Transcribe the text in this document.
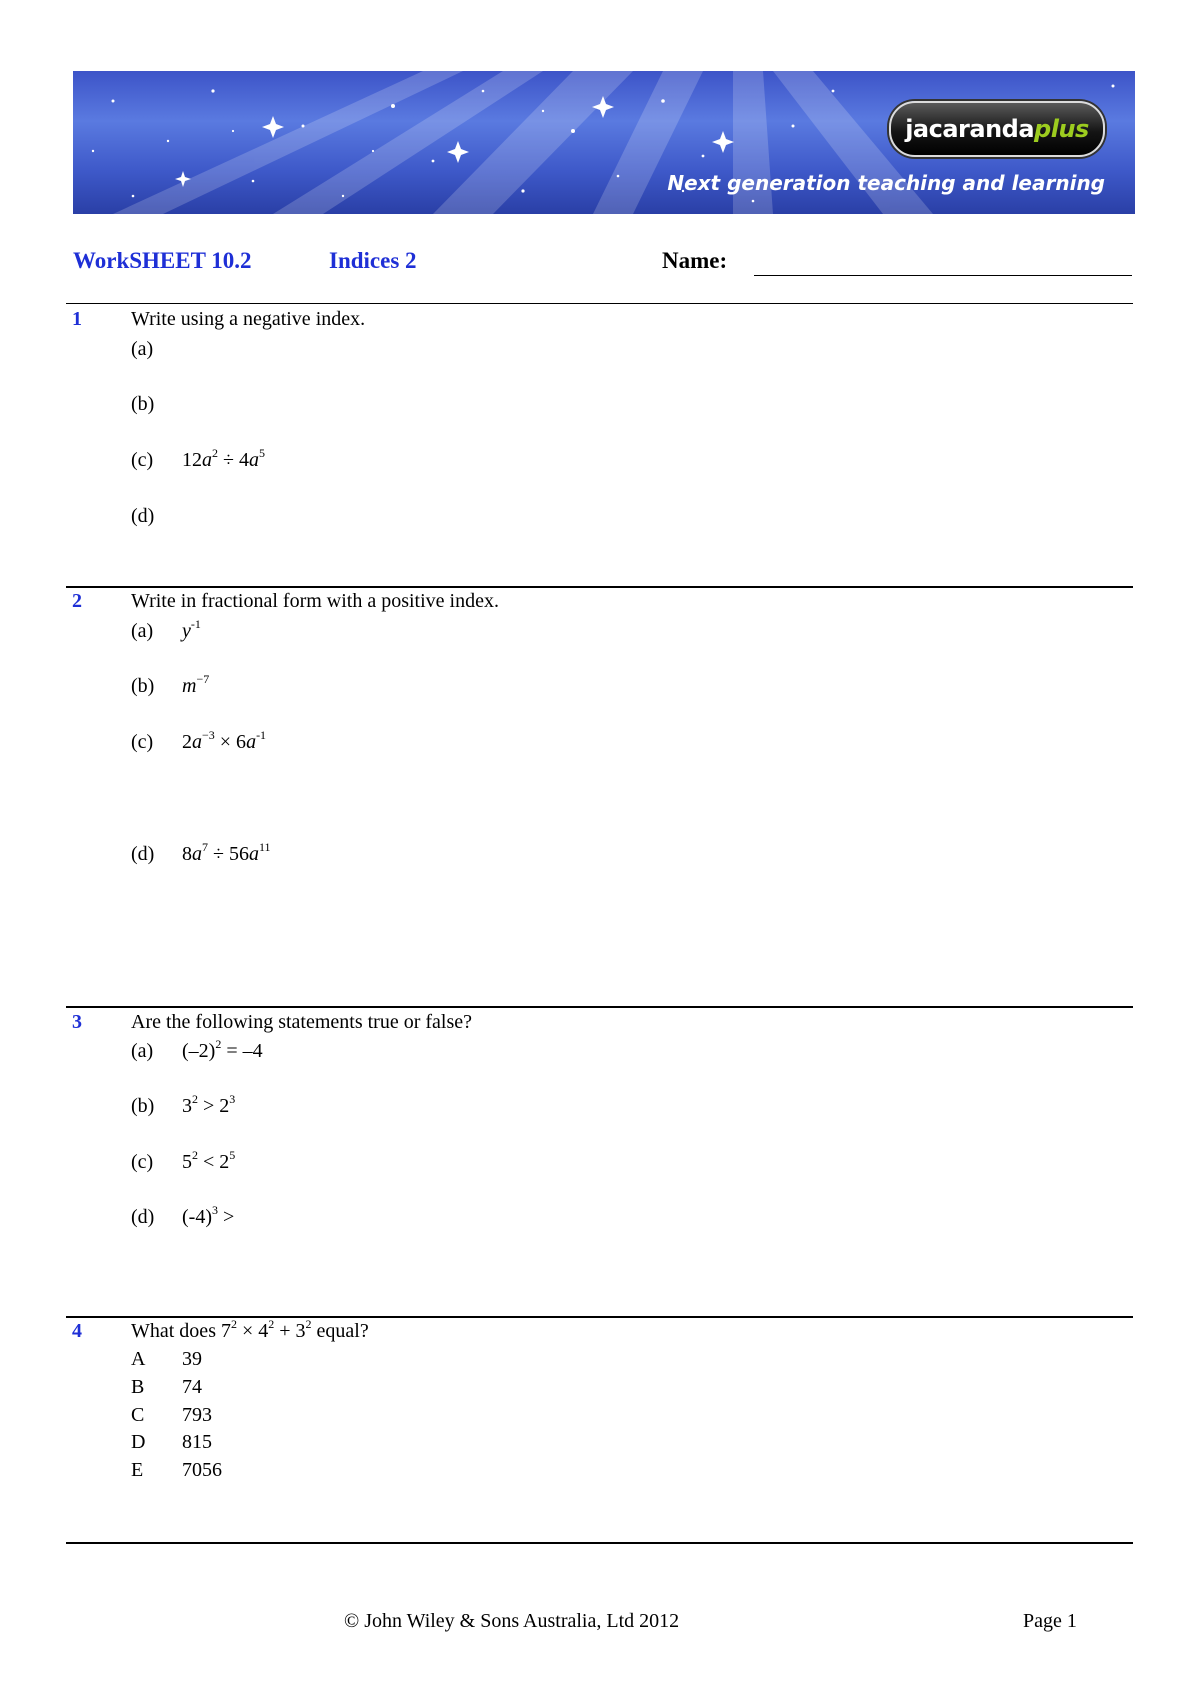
jacaranda plus
Next generation teaching and learning
WorkSHEET 10.2	Indices 2	Name:
1 Write using a negative index.
(a)
(b)
(c) $12a^2 \div 4a^5$
(d)
2 Write in fractional form with a positive index.
(a) $y^{-1}$
(b) $m^{-7}$
(c) $2a^{-3} \times 6a^{-1}$
(d) $8a^7 \div 56a^{11}$
3 Are the following statements true or false?
(a) $(-2)^2 = -4$
(b) $3^2 > 2^3$
(c) $5^2 < 2^5$
(d) $(-4)^3$ >
4 What does $7^2 \times 4^2 + 3^2$ equal?
A 39
B 74
C 793
D 815
E 7056
© John Wiley & Sons Australia, Ltd 2012	Page 1
